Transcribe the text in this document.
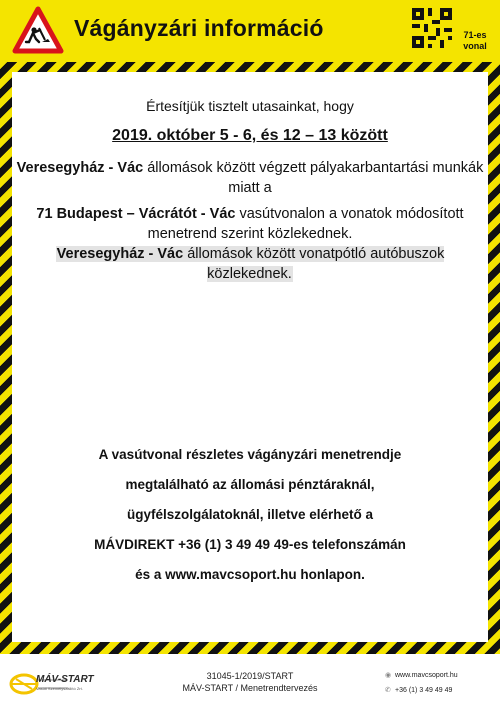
Vágányzári információ	71-es vonal
Értesítjük tisztelt utasainkat, hogy
2019. október 5 - 6, és 12 – 13 között
Veresegyház - Vác állomások között végzett pályakarbantartási munkák miatt a
71 Budapest – Vácrátót - Vác vasútvonalon a vonatok módosított menetrend szerint közlekednek.
Veresegyház - Vác állomások között vonatpótló autóbuszok közlekednek.
A vasútvonal részletes vágányzári menetrendje
megtalálható az állomási pénztáraknál,
ügyfélszolgálatoknál, illetve elérhető a
MÁVDIREKT +36 (1) 3 49 49 49-es telefonszámán
és a www.mavcsoport.hu honlapon.
MÁV-START
Vasúti Személyszállító Zrt.
31045-1/2019/START
MÁV-START / Menetrendtervezés
◉ www.mavcsoport.hu
✆ +36 (1) 3 49 49 49
